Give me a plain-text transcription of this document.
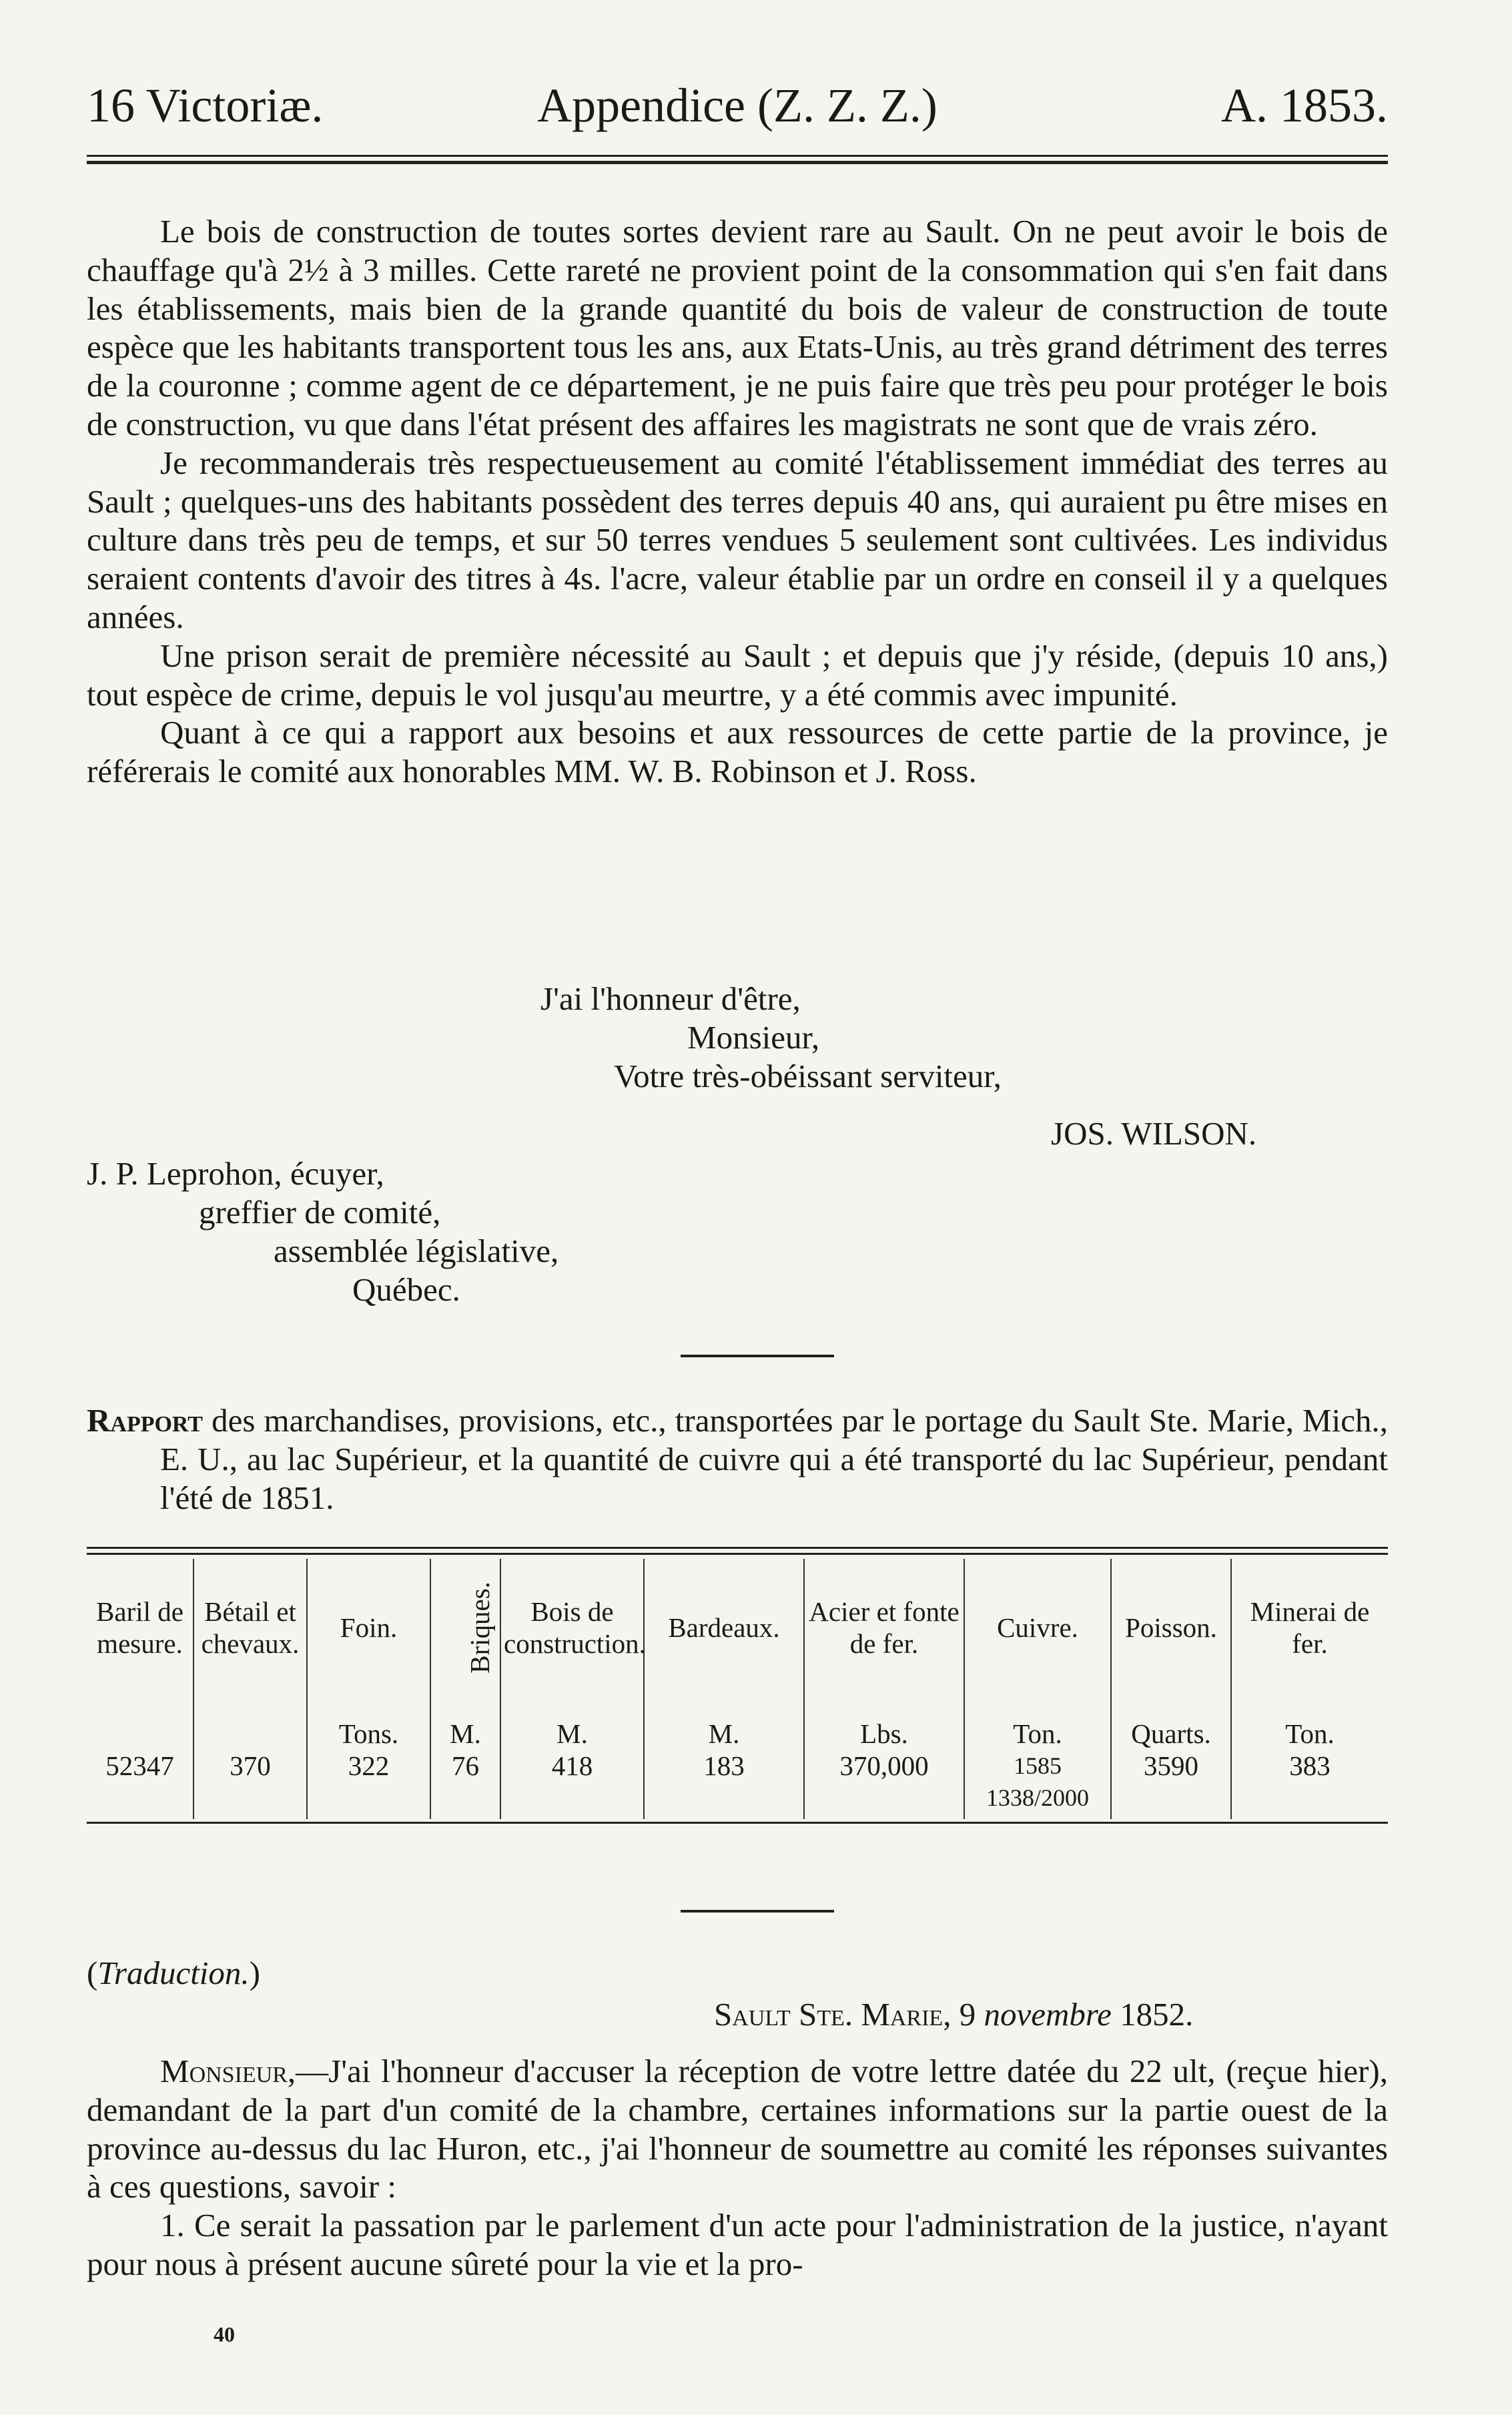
16 Victoriæ.	Appendice (Z. Z. Z.)	A. 1853.

Le bois de construction de toutes sortes devient rare au Sault. On ne peut avoir le bois de chauffage qu'à 2½ à 3 milles. Cette rareté ne provient point de la consommation qui s'en fait dans les établissements, mais bien de la grande quantité du bois de valeur de construction de toute espèce que les habitants transportent tous les ans, aux Etats-Unis, au très grand détriment des terres de la couronne ; comme agent de ce département, je ne puis faire que très peu pour protéger le bois de construction, vu que dans l'état présent des affaires les magistrats ne sont que de vrais zéro.

Je recommanderais très respectueusement au comité l'établissement immédiat des terres au Sault ; quelques-uns des habitants possèdent des terres depuis 40 ans, qui auraient pu être mises en culture dans très peu de temps, et sur 50 terres vendues 5 seulement sont cultivées. Les individus seraient contents d'avoir des titres à 4s. l'acre, valeur établie par un ordre en conseil il y a quelques années.

Une prison serait de première nécessité au Sault ; et depuis que j'y réside, (depuis 10 ans,) tout espèce de crime, depuis le vol jusqu'au meurtre, y a été commis avec impunité.

Quant à ce qui a rapport aux besoins et aux ressources de cette partie de la province, je référerais le comité aux honorables MM. W. B. Robinson et J. Ross.

J'ai l'honneur d'être,
Monsieur,
Votre très-obéissant serviteur,
JOS. WILSON.
J. P. Leprohon, écuyer,
greffier de comité,
assemblée législative,
Québec.

Rapport des marchandises, provisions, etc., transportées par le portage du Sault Ste. Marie, Mich., E. U., au lac Supérieur, et la quantité de cuivre qui a été transporté du lac Supérieur, pendant l'été de 1851.

Baril de mesure.	Bétail et chevaux.	Foin.	Briques.	Bois de construction.	Bardeaux.	Acier et fonte de fer.	Cuivre.	Poisson.	Minerai de fer.
		Tons.	M.	M.	M.	Lbs.	Ton.	Quarts.	Ton.
52347	370	322	76	418	183	370,000	1585 1338/2000	3590	383
(Traduction.)
Sault Ste. Marie, 9 novembre 1852.

Monsieur,—J'ai l'honneur d'accuser la réception de votre lettre datée du 22 ult, (reçue hier), demandant de la part d'un comité de la chambre, certaines informations sur la partie ouest de la province au-dessus du lac Huron, etc., j'ai l'honneur de soumettre au comité les réponses suivantes à ces questions, savoir :

1. Ce serait la passation par le parlement d'un acte pour l'administration de la justice, n'ayant pour nous à présent aucune sûreté pour la vie et la pro-

40
